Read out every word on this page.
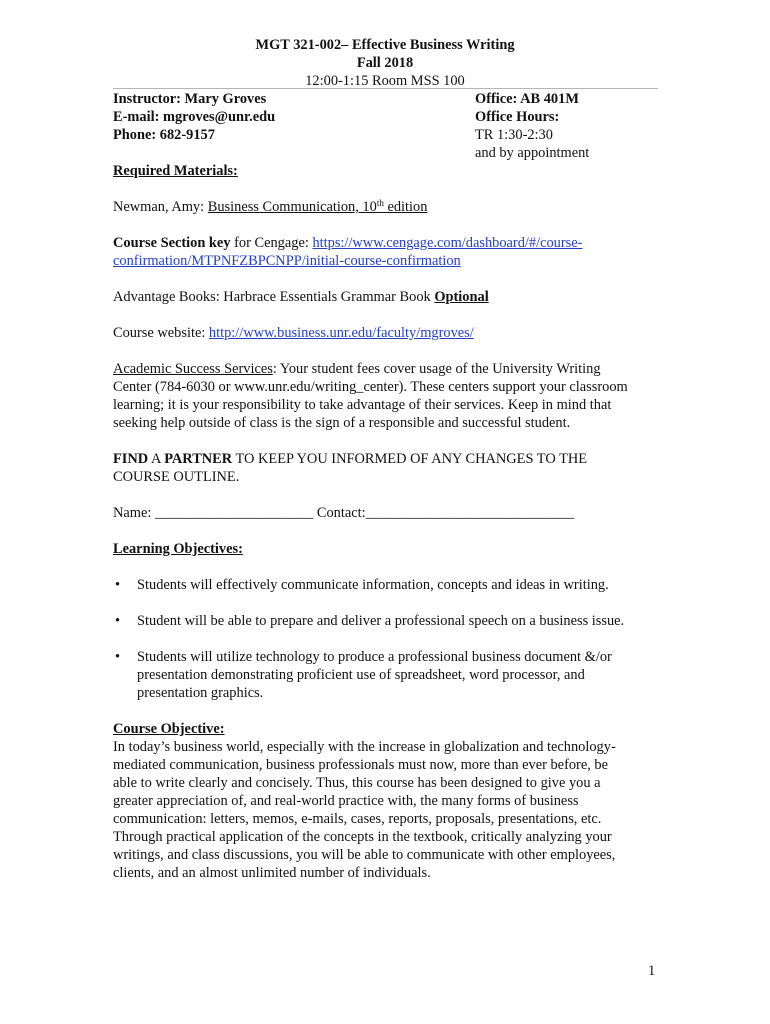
MGT 321-002– Effective Business Writing
Fall 2018
12:00-1:15 Room MSS 100
Instructor: Mary Groves	Office: AB 401M
E-mail: mgroves@unr.edu	Office Hours:
Phone: 682-9157	TR 1:30-2:30
and by appointment

Required Materials:

Newman, Amy: Business Communication, 10th edition

Course Section key for Cengage: https://www.cengage.com/dashboard/#/course-
confirmation/MTPNFZBPCNPP/initial-course-confirmation

Advantage Books: Harbrace Essentials Grammar Book Optional

Course website: http://www.business.unr.edu/faculty/mgroves/

Academic Success Services: Your student fees cover usage of the University Writing
Center (784-6030 or www.unr.edu/writing_center). These centers support your classroom
learning; it is your responsibility to take advantage of their services. Keep in mind that
seeking help outside of class is the sign of a responsible and successful student.

FIND A PARTNER TO KEEP YOU INFORMED OF ANY CHANGES TO THE
COURSE OUTLINE.

Name: ______________________ Contact:_____________________________

Learning Objectives:

• Students will effectively communicate information, concepts and ideas in writing.
• Student will be able to prepare and deliver a professional speech on a business issue.
• Students will utilize technology to produce a professional business document &/or
presentation demonstrating proficient use of spreadsheet, word processor, and
presentation graphics.

Course Objective:

In today’s business world, especially with the increase in globalization and technology-
mediated communication, business professionals must now, more than ever before, be
able to write clearly and concisely. Thus, this course has been designed to give you a
greater appreciation of, and real-world practice with, the many forms of business
communication: letters, memos, e-mails, cases, reports, proposals, presentations, etc.
Through practical application of the concepts in the textbook, critically analyzing your
writings, and class discussions, you will be able to communicate with other employees,
clients, and an almost unlimited number of individuals.

1
